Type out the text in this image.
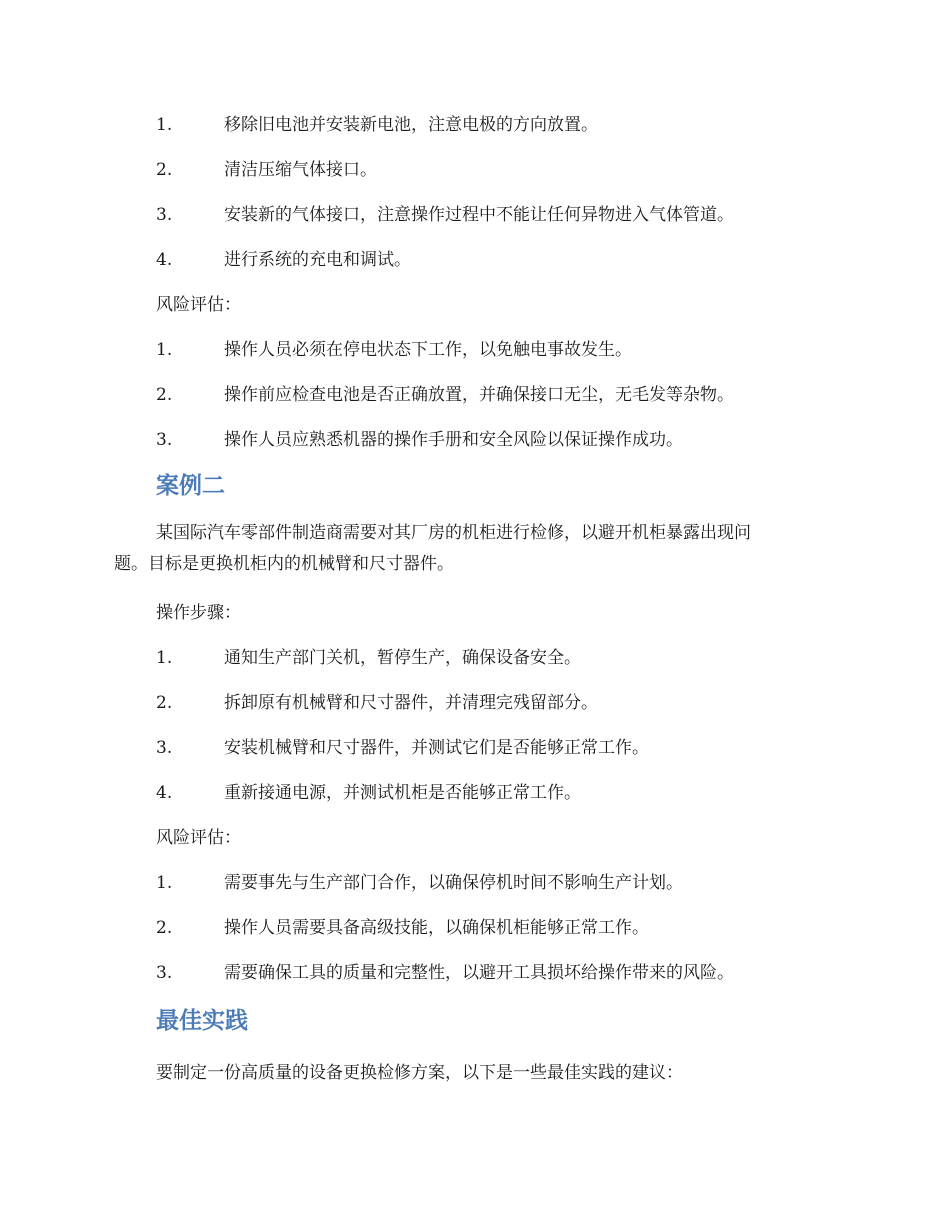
1.	移除旧电池并安装新电池，注意电极的方向放置。
2.	清洁压缩气体接口。
3.	安装新的气体接口，注意操作过程中不能让任何异物进入气体管道。
4.	进行系统的充电和调试。
风险评估：
1.	操作人员必须在停电状态下工作，以免触电事故发生。
2.	操作前应检查电池是否正确放置，并确保接口无尘，无毛发等杂物。
3.	操作人员应熟悉机器的操作手册和安全风险以保证操作成功。
案例二

某国际汽车零部件制造商需要对其厂房的机柜进行检修，以避开机柜暴露出现问
题。目标是更换机柜内的机械臂和尺寸器件。

操作步骤：
1.	通知生产部门关机，暂停生产，确保设备安全。
2.	拆卸原有机械臂和尺寸器件，并清理完残留部分。
3.	安装机械臂和尺寸器件，并测试它们是否能够正常工作。
4.	重新接通电源，并测试机柜是否能够正常工作。
风险评估：
1.	需要事先与生产部门合作，以确保停机时间不影响生产计划。
2.	操作人员需要具备高级技能，以确保机柜能够正常工作。
3.	需要确保工具的质量和完整性，以避开工具损坏给操作带来的风险。
最佳实践
要制定一份高质量的设备更换检修方案，以下是一些最佳实践的建议：
